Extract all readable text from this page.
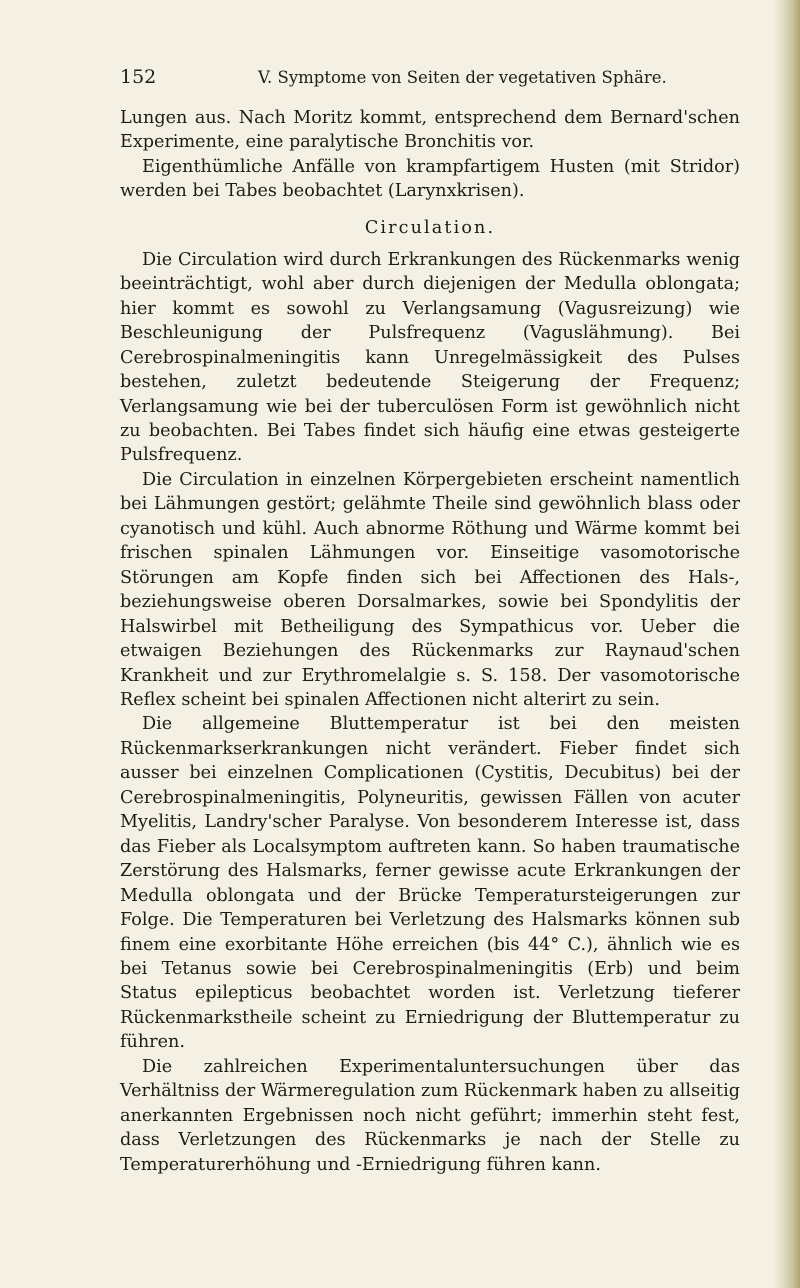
152	V. Symptome von Seiten der vegetativen Sphäre.

Lungen aus. Nach Moritz kommt, entsprechend dem Bernard'schen Experimente, eine paralytische Bronchitis vor.

Eigenthümliche Anfälle von krampfartigem Husten (mit Stridor) werden bei Tabes beobachtet (Larynxkrisen).

Circulation.

Die Circulation wird durch Erkrankungen des Rückenmarks wenig beeinträchtigt, wohl aber durch diejenigen der Medulla oblongata; hier kommt es sowohl zu Verlangsamung (Vagusreizung) wie Beschleunigung der Pulsfrequenz (Vaguslähmung). Bei Cerebrospinalmeningitis kann Unregelmässigkeit des Pulses bestehen, zuletzt bedeutende Steigerung der Frequenz; Verlangsamung wie bei der tuberculösen Form ist gewöhnlich nicht zu beobachten. Bei Tabes findet sich häufig eine etwas gesteigerte Pulsfrequenz.

Die Circulation in einzelnen Körpergebieten erscheint namentlich bei Lähmungen gestört; gelähmte Theile sind gewöhnlich blass oder cyanotisch und kühl. Auch abnorme Röthung und Wärme kommt bei frischen spinalen Lähmungen vor. Einseitige vasomotorische Störungen am Kopfe finden sich bei Affectionen des Hals-, beziehungsweise oberen Dorsalmarkes, sowie bei Spondylitis der Halswirbel mit Betheiligung des Sympathicus vor. Ueber die etwaigen Beziehungen des Rückenmarks zur Raynaud'schen Krankheit und zur Erythromelalgie s. S. 158. Der vasomotorische Reflex scheint bei spinalen Affectionen nicht alterirt zu sein.

Die allgemeine Bluttemperatur ist bei den meisten Rückenmarkserkrankungen nicht verändert. Fieber findet sich ausser bei einzelnen Complicationen (Cystitis, Decubitus) bei der Cerebrospinalmeningitis, Polyneuritis, gewissen Fällen von acuter Myelitis, Landry'scher Paralyse. Von besonderem Interesse ist, dass das Fieber als Localsymptom auftreten kann. So haben traumatische Zerstörung des Halsmarks, ferner gewisse acute Erkrankungen der Medulla oblongata und der Brücke Temperatursteigerungen zur Folge. Die Temperaturen bei Verletzung des Halsmarks können sub finem eine exorbitante Höhe erreichen (bis 44° C.), ähnlich wie es bei Tetanus sowie bei Cerebrospinalmeningitis (Erb) und beim Status epilepticus beobachtet worden ist. Verletzung tieferer Rückenmarkstheile scheint zu Erniedrigung der Bluttemperatur zu führen.

Die zahlreichen Experimentaluntersuchungen über das Verhältniss der Wärmeregulation zum Rückenmark haben zu allseitig anerkannten Ergebnissen noch nicht geführt; immerhin steht fest, dass Verletzungen des Rückenmarks je nach der Stelle zu Temperaturerhöhung und -Erniedrigung führen kann.
